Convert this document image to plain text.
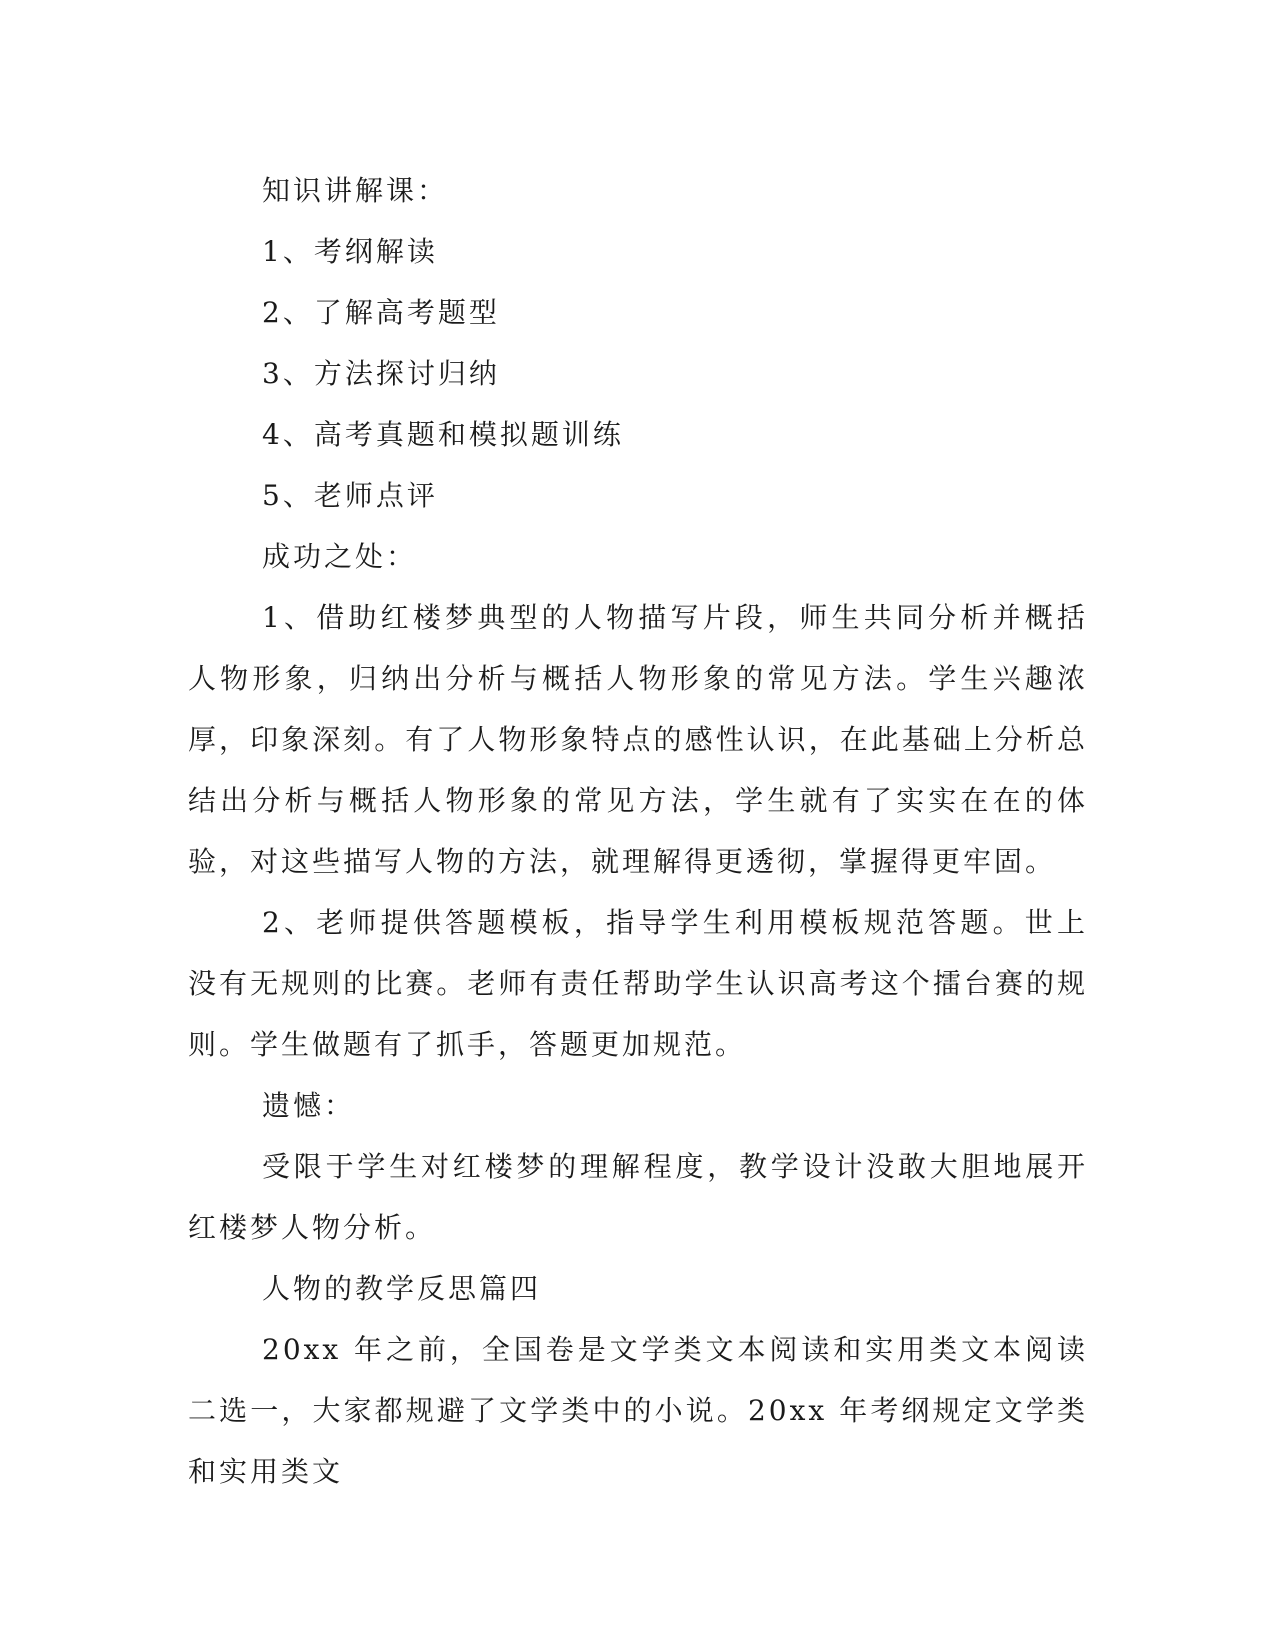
知识讲解课：

1、考纲解读

2、了解高考题型

3、方法探讨归纳

4、高考真题和模拟题训练

5、老师点评

成功之处：

1、借助红楼梦典型的人物描写片段，师生共同分析并概括人物形象，归纳出分析与概括人物形象的常见方法。学生兴趣浓厚，印象深刻。有了人物形象特点的感性认识，在此基础上分析总结出分析与概括人物形象的常见方法，学生就有了实实在在的体验，对这些描写人物的方法，就理解得更透彻，掌握得更牢固。

2、老师提供答题模板，指导学生利用模板规范答题。世上没有无规则的比赛。老师有责任帮助学生认识高考这个擂台赛的规则。学生做题有了抓手，答题更加规范。

遗憾：

受限于学生对红楼梦的理解程度，教学设计没敢大胆地展开红楼梦人物分析。

人物的教学反思篇四

20xx 年之前，全国卷是文学类文本阅读和实用类文本阅读二选一，大家都规避了文学类中的小说。20xx 年考纲规定文学类和实用类文
